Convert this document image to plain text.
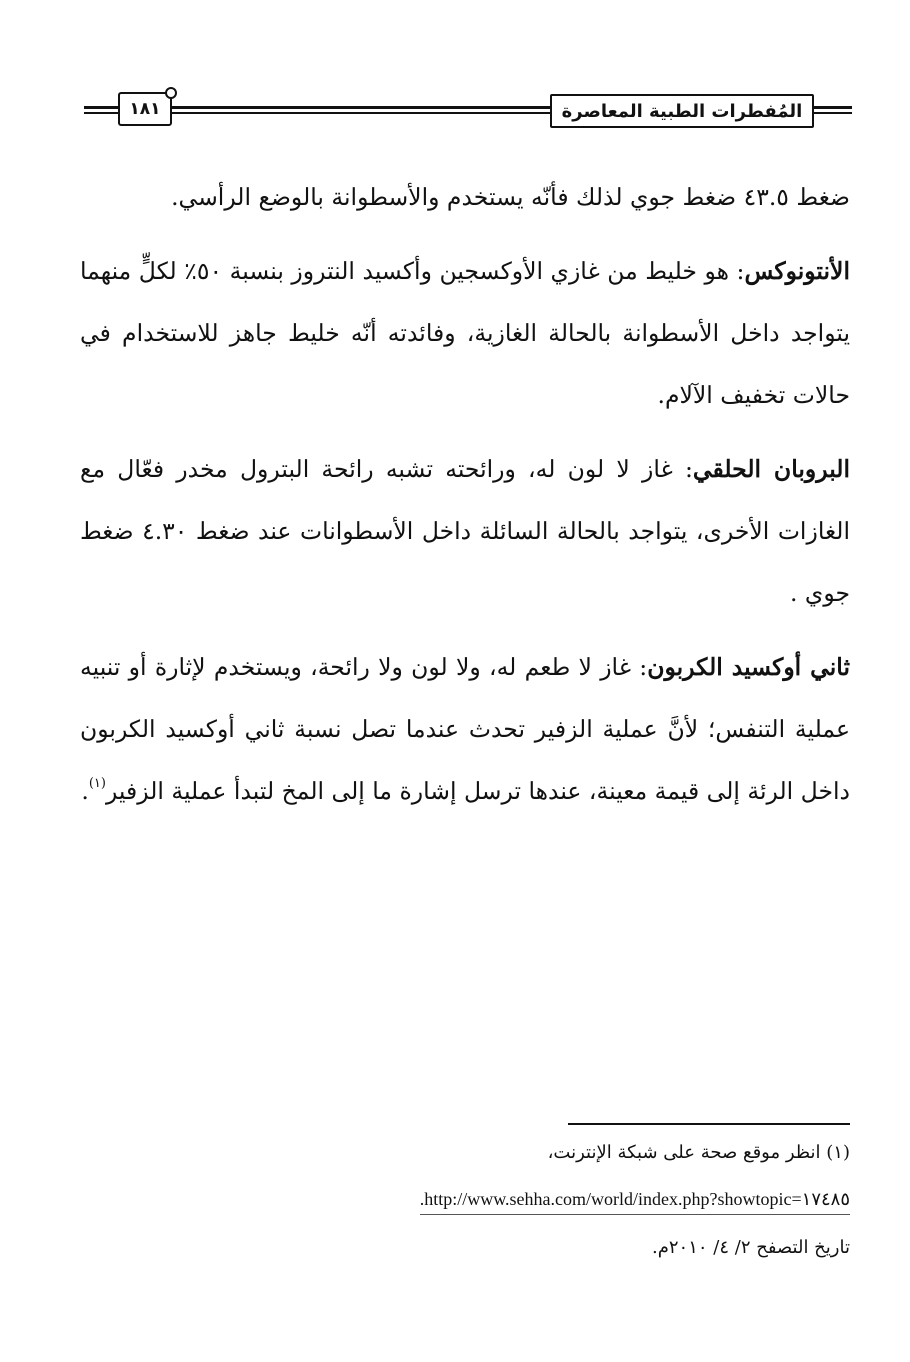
١٨١	المُفطرات الطبية المعاصرة

ضغط ٤٣.٥ ضغط جوي لذلك فأنّه يستخدم والأسطوانة بالوضع الرأسي.

الأنتونوكس: هو خليط من غازي الأوكسجين وأكسيد النتروز بنسبة ٥٠٪ لكلٍّ منهما يتواجد داخل الأسطوانة بالحالة الغازية، وفائدته أنّه خليط جاهز للاستخدام في حالات تخفيف الآلام.

البروبان الحلقي: غاز لا لون له، ورائحته تشبه رائحة البترول مخدر فعّال مع الغازات الأخرى، يتواجد بالحالة السائلة داخل الأسطوانات عند ضغط ٤.٣٠ ضغط جوي .

ثاني أوكسيد الكربون: غاز لا طعم له، ولا لون ولا رائحة، ويستخدم لإثارة أو تنبيه عملية التنفس؛ لأنَّ عملية الزفير تحدث عندما تصل نسبة ثاني أوكسيد الكربون داخل الرئة إلى قيمة معينة، عندها ترسل إشارة ما إلى المخ لتبدأ عملية الزفير$^{(١)}$.

(١) انظر موقع صحة على شبكة الإنترنت،
.http://www.sehha.com/world/index.php?showtopic=١٧٤٨٥
تاريخ التصفح ٢/ ٤/ ٢٠١٠م.
